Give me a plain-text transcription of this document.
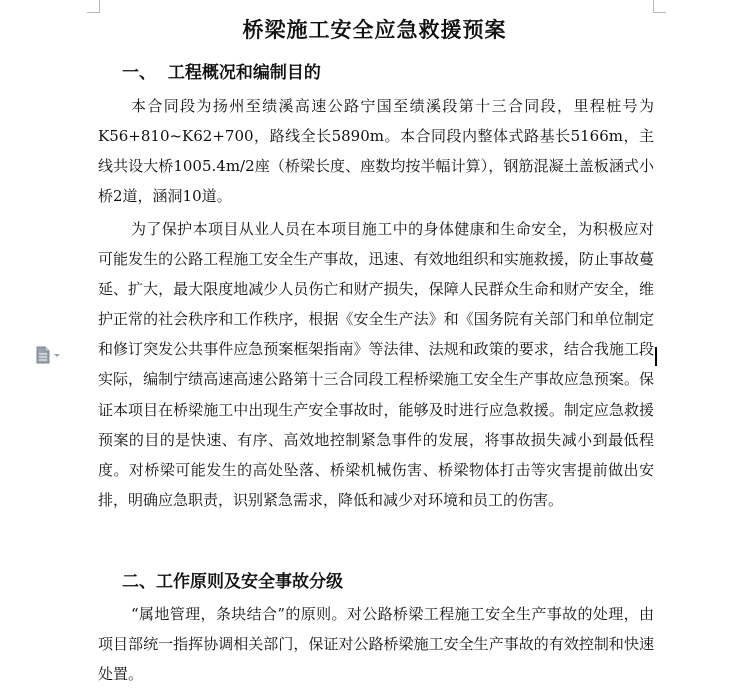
桥梁施工安全应急救援预案
一、  工程概况和编制目的

本合同段为扬州至绩溪高速公路宁国至绩溪段第十三合同段，里程桩号为K56+810~K62+700，路线全长5890m。本合同段内整体式路基长5166m，主线共设大桥1005.4m/2座（桥梁长度、座数均按半幅计算），钢筋混凝土盖板涵式小桥2道，涵洞10道。

为了保护本项目从业人员在本项目施工中的身体健康和生命安全，为积极应对可能发生的公路工程施工安全生产事故，迅速、有效地组织和实施救援，防止事故蔓延、扩大，最大限度地减少人员伤亡和财产损失，保障人民群众生命和财产安全，维护正常的社会秩序和工作秩序，根据《安全生产法》和《国务院有关部门和单位制定和修订突发公共事件应急预案框架指南》等法律、法规和政策的要求，结合我施工段实际，编制宁绩高速高速公路第十三合同段工程桥梁施工安全生产事故应急预案。保证本项目在桥梁施工中出现生产安全事故时，能够及时进行应急救援。制定应急救援预案的目的是快速、有序、高效地控制紧急事件的发展，将事故损失减小到最低程度。对桥梁可能发生的高处坠落、桥梁机械伤害、桥梁物体打击等灾害提前做出安排，明确应急职责，识别紧急需求，降低和减少对环境和员工的伤害。

二、工作原则及安全事故分级

“属地管理，条块结合”的原则。对公路桥梁工程施工安全生产事故的处理，由项目部统一指挥协调相关部门，保证对公路桥梁施工安全生产事故的有效控制和快速处置。
